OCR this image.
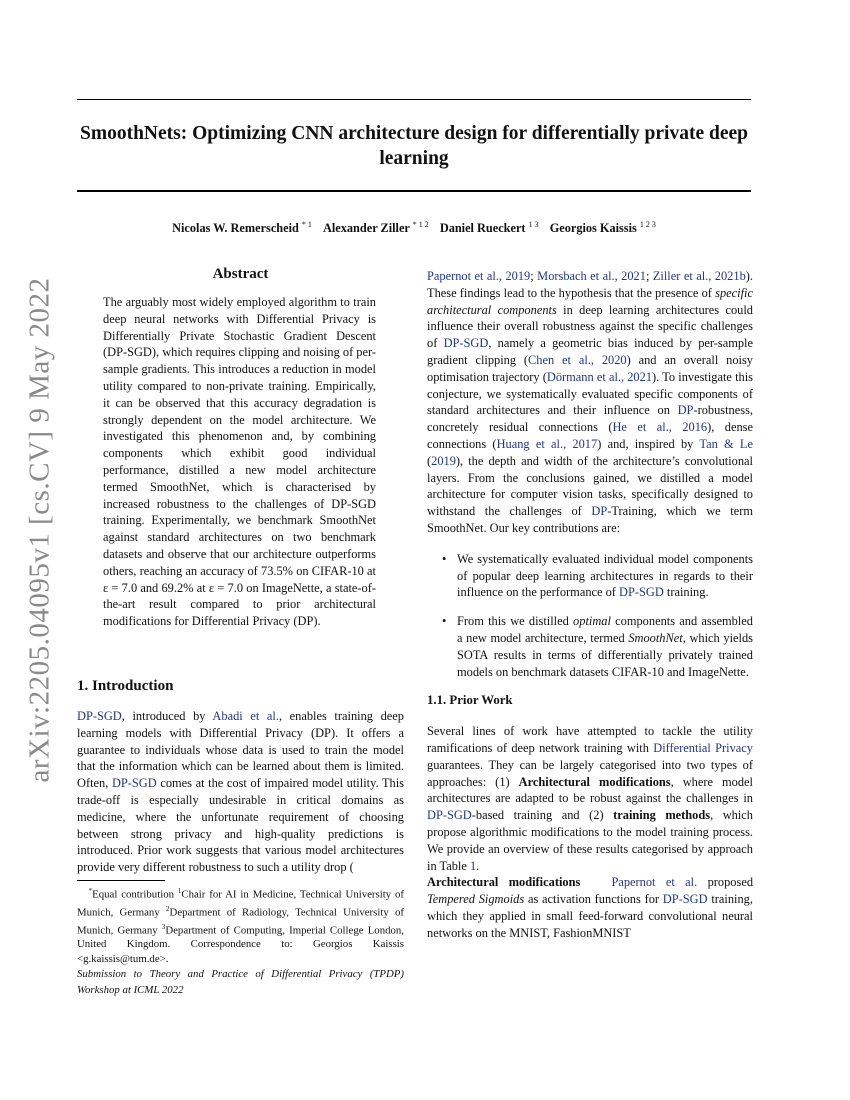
arXiv:2205.04095v1 [cs.CV] 9 May 2022
SmoothNets: Optimizing CNN architecture design for differentially private deep learning
Nicolas W. Remerscheid $^{* 1}$ Alexander Ziller $^{* 1 2}$ Daniel Rueckert $^{1 3}$ Georgios Kaissis $^{1 2 3}$
Abstract

The arguably most widely employed algorithm to train deep neural networks with Differential Privacy is Differentially Private Stochastic Gradient Descent (DP-SGD), which requires clipping and noising of per-sample gradients. This introduces a reduction in model utility compared to non-private training. Empirically, it can be observed that this accuracy degradation is strongly dependent on the model architecture. We investigated this phenomenon and, by combining components which exhibit good individual performance, distilled a new model architecture termed SmoothNet, which is characterised by increased robustness to the challenges of DP-SGD training. Experimentally, we benchmark SmoothNet against standard architectures on two benchmark datasets and observe that our architecture outperforms others, reaching an accuracy of 73.5% on CIFAR-10 at ε = 7.0 and 69.2% at ε = 7.0 on ImageNette, a state-of-the-art result compared to prior architectural modifications for Differential Privacy (DP).

1. Introduction

DP-SGD, introduced by Abadi et al., enables training deep learning models with Differential Privacy (DP). It offers a guarantee to individuals whose data is used to train the model that the information which can be learned about them is limited. Often, DP-SGD comes at the cost of impaired model utility. This trade-off is especially undesirable in critical domains as medicine, where the unfortunate requirement of choosing between strong privacy and high-quality predictions is introduced. Prior work suggests that various model architectures provide very different robustness to such a utility drop (

*Equal contribution $^1$Chair for AI in Medicine, Technical University of Munich, Germany $^2$Department of Radiology, Technical University of Munich, Germany $^3$Department of Computing, Imperial College London, United Kingdom. Correspondence to: Georgios Kaissis <g.kaissis@tum.de>.

Submission to Theory and Practice of Differential Privacy (TPDP) Workshop at ICML 2022

Papernot et al., 2019; Morsbach et al., 2021; Ziller et al., 2021b). These findings lead to the hypothesis that the presence of specific architectural components in deep learning architectures could influence their overall robustness against the specific challenges of DP-SGD, namely a geometric bias induced by per-sample gradient clipping (Chen et al., 2020) and an overall noisy optimisation trajectory (Dörmann et al., 2021). To investigate this conjecture, we systematically evaluated specific components of standard architectures and their influence on DP-robustness, concretely residual connections (He et al., 2016), dense connections (Huang et al., 2017) and, inspired by Tan & Le (2019), the depth and width of the architecture’s convolutional layers. From the conclusions gained, we distilled a model architecture for computer vision tasks, specifically designed to withstand the challenges of DP-Training, which we term SmoothNet. Our key contributions are:

• We systematically evaluated individual model components of popular deep learning architectures in regards to their influence on the performance of DP-SGD training.
• From this we distilled optimal components and assembled a new model architecture, termed SmoothNet, which yields SOTA results in terms of differentially privately trained models on benchmark datasets CIFAR-10 and ImageNette.
1.1. Prior Work

Several lines of work have attempted to tackle the utility ramifications of deep network training with Differential Privacy guarantees. They can be largely categorised into two types of approaches: (1) Architectural modifications, where model architectures are adapted to be robust against the challenges in DP-SGD-based training and (2) training methods, which propose algorithmic modifications to the model training process. We provide an overview of these results categorised by approach in Table 1.

Architectural modifications	Papernot et al. proposed Tempered Sigmoids as activation functions for DP-SGD training, which they applied in small feed-forward convolutional neural networks on the MNIST, FashionMNIST
